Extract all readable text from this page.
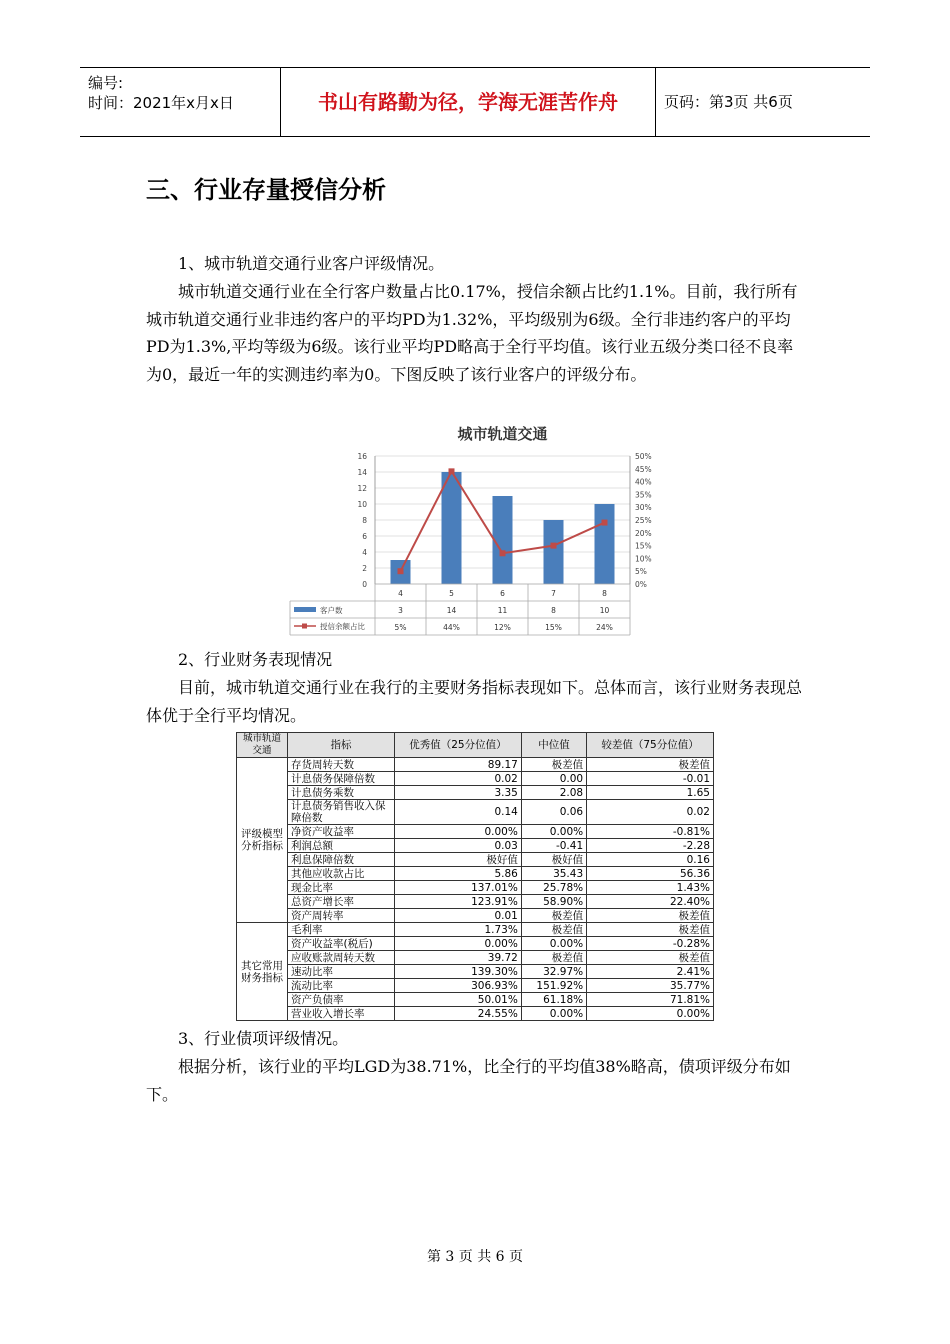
编号:
时间：2021年x月x日	书山有路勤为径，学海无涯苦作舟	页码：第3页 共6页
三、行业存量授信分析
1、城市轨道交通行业客户评级情况。
城市轨道交通行业在全行客户数量占比0.17%，授信余额占比约1.1%。目前，我行所有城市轨道交通行业非违约客户的平均PD为1.32%，平均级别为6级。全行非违约客户的平均PD为1.3%,平均等级为6级。该行业平均PD略高于全行平均值。该行业五级分类口径不良率为0，最近一年的实测违约率为0。下图反映了该行业客户的评级分布。
城市轨道交通
0
2
4
6
8
10
12
14
16
0%
5%
10%
15%
20%
25%
30%
35%
40%
45%
50%
4	5	6	7	8
客户数
授信余额占比
3	14	11	8	10
5%	44%	12%	15%	24%
2、行业财务表现情况
目前，城市轨道交通行业在我行的主要财务指标表现如下。总体而言，该行业财务表现总体优于全行平均情况。
城市轨道交通	指标	优秀值（25分位值）	中位值	较差值（75分位值）
评级模型
分析指标	存货周转天数	89.17	极差值	极差值
	计息债务保障倍数	0.02	0.00	-0.01
	计息债务乘数	3.35	2.08	1.65
	计息债务销售收入保障倍数	0.14	0.06	0.02
	净资产收益率	0.00%	0.00%	-0.81%
	利润总额	0.03	-0.41	-2.28
	利息保障倍数	极好值	极好值	0.16
	其他应收款占比	5.86	35.43	56.36
	现金比率	137.01%	25.78%	1.43%
	总资产增长率	123.91%	58.90%	22.40%
	资产周转率	0.01	极差值	极差值
其它常用
财务指标	毛利率	1.73%	极差值	极差值
	资产收益率(税后)	0.00%	0.00%	-0.28%
	应收账款周转天数	39.72	极差值	极差值
	速动比率	139.30%	32.97%	2.41%
	流动比率	306.93%	151.92%	35.77%
	资产负债率	50.01%	61.18%	71.81%
	营业收入增长率	24.55%	0.00%	0.00%
3、行业债项评级情况。
根据分析，该行业的平均LGD为38.71%，比全行的平均值38%略高，债项评级分布如下。
第 3 页 共 6 页
